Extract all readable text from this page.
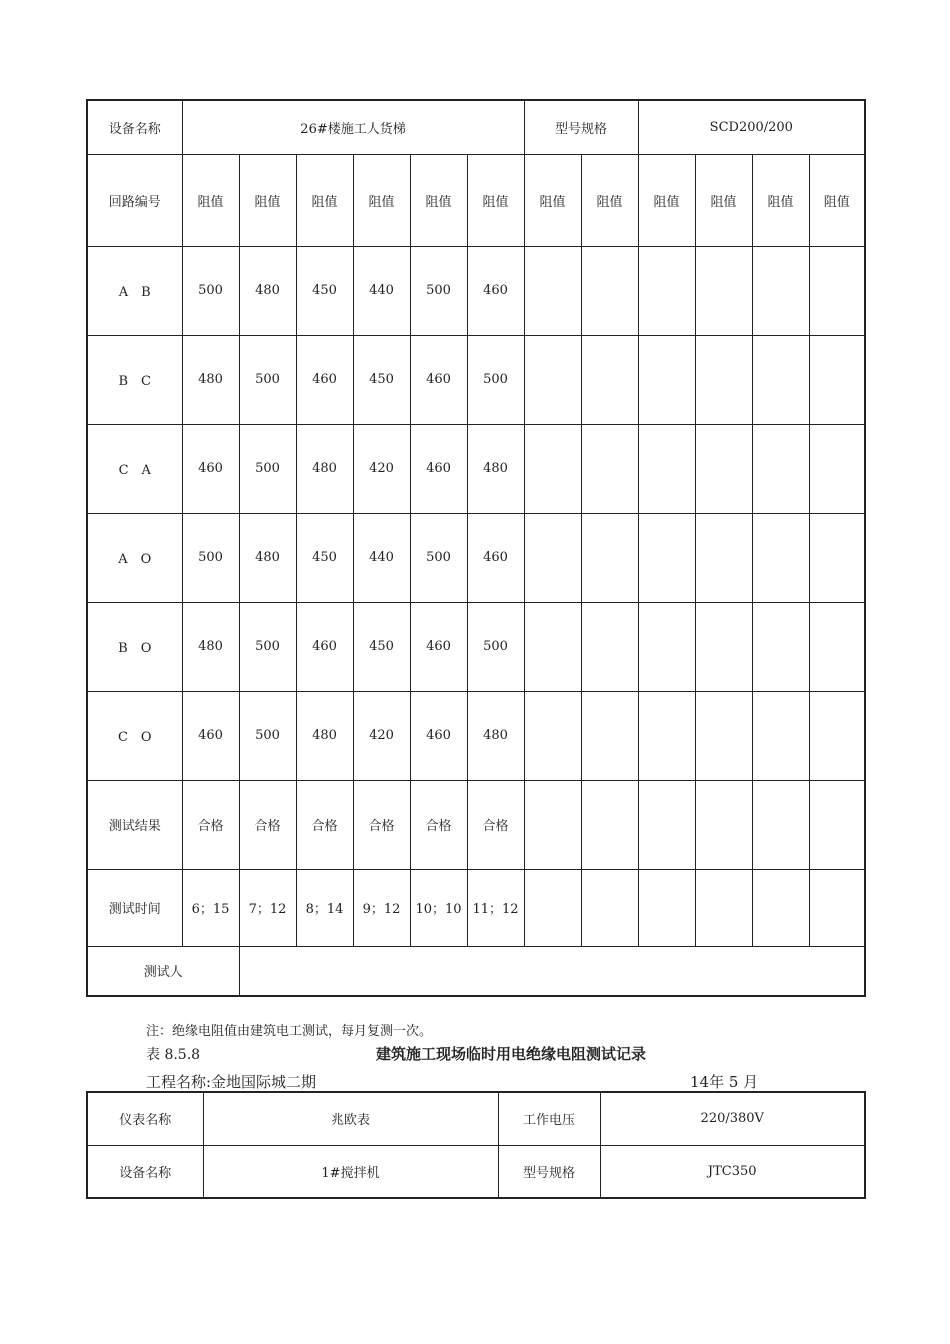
设备名称	26#楼施工人货梯						型号规格		SCD200/200			
回路编号	阻值	阻值	阻值	阻值	阻值	阻值	阻值	阻值	阻值	阻值	阻值	阻值
A　B	500	480	450	440	500	460						
B　C	480	500	460	450	460	500						
C　A	460	500	480	420	460	480						
A　O	500	480	450	440	500	460						
B　O	480	500	460	450	460	500						
C　O	460	500	480	420	460	480						
测试结果	合格	合格	合格	合格	合格	合格						
测试时间	6；15	7；12	8；14	9；12	10；10	11；12						
测试人												
注：绝缘电阻值由建筑电工测试，每月复测一次。
表 8.5.8	建筑施工现场临时用电绝缘电阻测试记录
工程名称:金地国际城二期	14年 5 月
仪表名称	兆欧表	工作电压	220/380V
设备名称	1#搅拌机	型号规格	JTC350
